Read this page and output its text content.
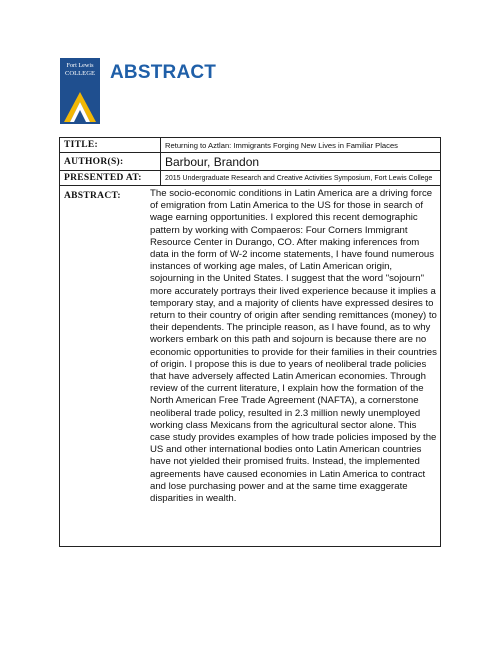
Fort Lewis
COLLEGE ABSTRACT
TITLE:	Returning to Aztlan: Immigrants Forging New Lives in Familiar Places
AUTHOR(S):	Barbour, Brandon
PRESENTED AT:	2015 Undergraduate Research and Creative Activities Symposium, Fort Lewis College
ABSTRACT:	The socio-economic conditions in Latin America are a driving force of emigration from Latin America to the US for those in search of wage earning opportunities. I explored this recent demographic pattern by working with Compaeros: Four Corners Immigrant Resource Center in Durango, CO. After making inferences from data in the form of W-2 income statements, I have found numerous instances of working age males, of Latin American origin, sojourning in the United States. I suggest that the word "sojourn" more accurately portrays their lived experience because it implies a temporary stay, and a majority of clients have expressed desires to return to their country of origin after sending remittances (money) to their dependents. The principle reason, as I have found, as to why workers embark on this path and sojourn is because there are no economic opportunities to provide for their families in their countries of origin. I propose this is due to years of neoliberal trade policies that have adversely affected Latin American economies. Through review of the current literature, I explain how the formation of the North American Free Trade Agreement (NAFTA), a cornerstone neoliberal trade policy, resulted in 2.3 million newly unemployed working class Mexicans from the agricultural sector alone. This case study provides examples of how trade policies imposed by the US and other international bodies onto Latin American countries have not yielded their promised fruits. Instead, the implemented agreements have caused economies in Latin America to contract and lose purchasing power and at the same time exaggerate disparities in wealth.
